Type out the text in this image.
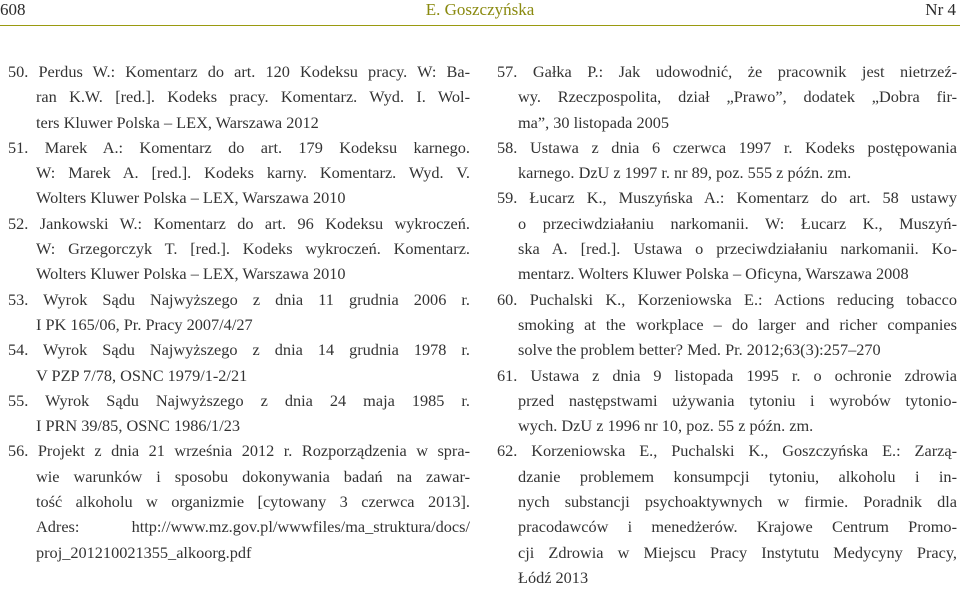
608	E. Goszczyńska	Nr 4
50. Perdus W.: Komentarz do art. 120 Kodeksu pracy. W: Ba-
ran K.W. [red.]. Kodeks pracy. Komentarz. Wyd. I. Wol-
ters Kluwer Polska – LEX, Warszawa 2012
51. Marek A.: Komentarz do art. 179 Kodeksu karnego.
W: Marek A. [red.]. Kodeks karny. Komentarz. Wyd. V.
Wolters Kluwer Polska – LEX, Warszawa 2010
52. Jankowski W.: Komentarz do art. 96 Kodeksu wykroczeń.
W: Grzegorczyk T. [red.]. Kodeks wykroczeń. Komentarz.
Wolters Kluwer Polska – LEX, Warszawa 2010
53. Wyrok Sądu Najwyższego z dnia 11 grudnia 2006 r.
I PK 165/06, Pr. Pracy 2007/4/27
54. Wyrok Sądu Najwyższego z dnia 14 grudnia 1978 r.
V PZP 7/78, OSNC 1979/1-2/21
55. Wyrok Sądu Najwyższego z dnia 24 maja 1985 r.
I PRN 39/85, OSNC 1986/1/23
56. Projekt z dnia 21 września 2012 r. Rozporządzenia w spra-
wie warunków i sposobu dokonywania badań na zawar-
tość alkoholu w organizmie [cytowany 3 czerwca 2013].
Adres: http://www.mz.gov.pl/wwwfiles/ma_struktura/docs/
proj_201210021355_alkoorg.pdf
57. Gałka P.: Jak udowodnić, że pracownik jest nietrzeź-
wy. Rzeczpospolita, dział „Prawo”, dodatek „Dobra fir-
ma”, 30 listopada 2005
58. Ustawa z dnia 6 czerwca 1997 r. Kodeks postępowania
karnego. DzU z 1997 r. nr 89, poz. 555 z późn. zm.
59. Łucarz K., Muszyńska A.: Komentarz do art. 58 ustawy
o przeciwdziałaniu narkomanii. W: Łucarz K., Muszyń-
ska A. [red.]. Ustawa o przeciwdziałaniu narkomanii. Ko-
mentarz. Wolters Kluwer Polska – Oficyna, Warszawa 2008
60. Puchalski K., Korzeniowska E.: Actions reducing tobacco
smoking at the workplace – do larger and richer companies
solve the problem better? Med. Pr. 2012;63(3):257–270
61. Ustawa z dnia 9 listopada 1995 r. o ochronie zdrowia
przed następstwami używania tytoniu i wyrobów tytonio-
wych. DzU z 1996 nr 10, poz. 55 z późn. zm.
62. Korzeniowska E., Puchalski K., Goszczyńska E.: Zarzą-
dzanie problemem konsumpcji tytoniu, alkoholu i in-
nych substancji psychoaktywnych w firmie. Poradnik dla
pracodawców i menedżerów. Krajowe Centrum Promo-
cji Zdrowia w Miejscu Pracy Instytutu Medycyny Pracy,
Łódź 2013
